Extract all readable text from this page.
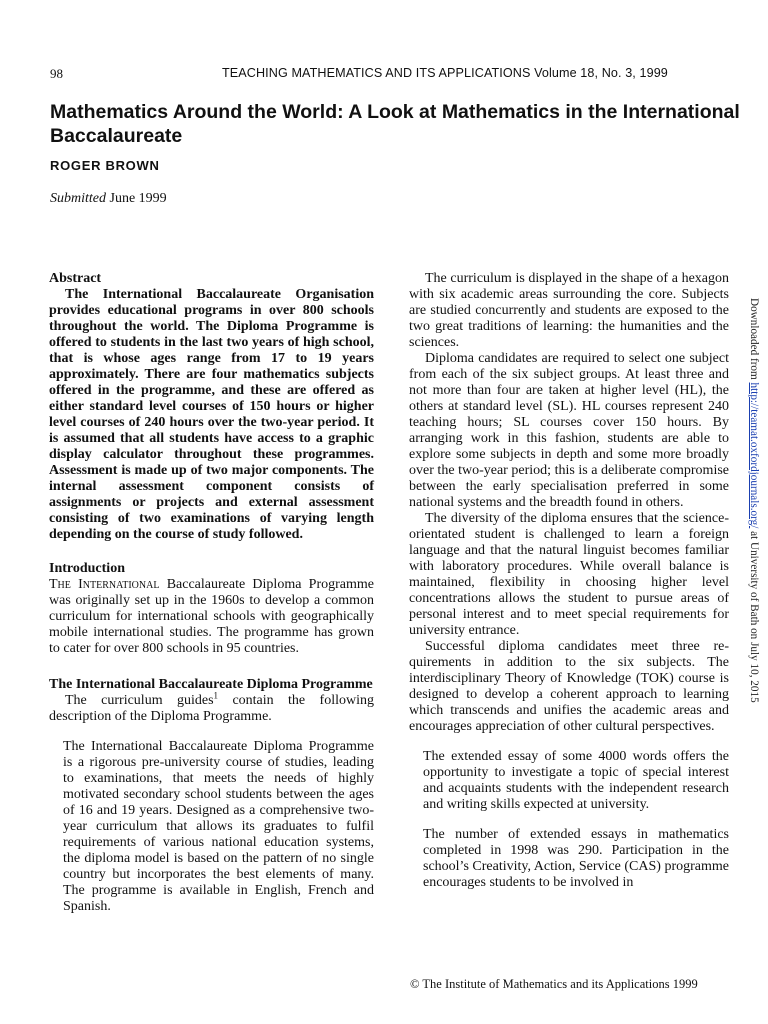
98	TEACHING MATHEMATICS AND ITS APPLICATIONS Volume 18, No. 3, 1999
Mathematics Around the World: A Look at Mathematics in the International Baccalaureate
ROGER BROWN
Submitted June 1999

Abstract

The International Baccalaureate Organisation provides educational programs in over 800 schools throughout the world. The Diploma Programme is offered to students in the last two years of high school, that is whose ages range from 17 to 19 years approximately. There are four mathematics subjects offered in the programme, and these are offered as either standard level courses of 150 hours or higher level courses of 240 hours over the two-year period. It is assumed that all students have access to a graphic display calculator throughout these programmes. Assessment is made up of two major components. The internal assessment component consists of assignments or projects and external assessment consisting of two examinations of varying length depending on the course of study followed.

Introduction

The International Baccalaureate Diploma Programme was originally set up in the 1960s to develop a common curriculum for international schools with geographically mobile international studies. The programme has grown to cater for over 800 schools in 95 countries.

The International Baccalaureate Diploma Programme

The curriculum guides$^1$ contain the following description of the Diploma Programme.

The International Baccalaureate Diploma Programme is a rigorous pre-university course of studies, leading to examinations, that meets the needs of highly motivated secondary school students between the ages of 16 and 19 years. Designed as a comprehensive two-year curriculum that allows its graduates to fulfil requirements of various national education systems, the diploma model is based on the pattern of no single country but incorporates the best elements of many. The programme is available in English, French and Spanish.

The curriculum is displayed in the shape of a hexagon with six academic areas surrounding the core. Subjects are studied concurrently and students are exposed to the two great traditions of learning: the humanities and the sciences.

Diploma candidates are required to select one subject from each of the six subject groups. At least three and not more than four are taken at higher level (HL), the others at standard level (SL). HL courses represent 240 teaching hours; SL courses cover 150 hours. By arranging work in this fashion, students are able to explore some subjects in depth and some more broadly over the two-year period; this is a deliberate compromise between the early specialisation preferred in some national systems and the breadth found in others.

The diversity of the diploma ensures that the science-orientated student is challenged to learn a foreign language and that the natural linguist becomes familiar with laboratory procedures. While overall balance is maintained, flexibility in choosing higher level concentrations allows the student to pursue areas of personal interest and to meet special requirements for university entrance.

Successful diploma candidates meet three requirements in addition to the six subjects. The interdisciplinary Theory of Knowledge (TOK) course is designed to develop a coherent approach to learning which transcends and unifies the academic areas and encourages appreciation of other cultural perspectives.

The extended essay of some 4000 words offers the opportunity to investigate a topic of special interest and acquaints students with the independent research and writing skills expected at university.

The number of extended essays in mathematics completed in 1998 was 290. Participation in the school’s Creativity, Action, Service (CAS) programme encourages students to be involved in

Downloaded from http://teamat.oxfordjournals.org/ at University of Bath on July 10, 2015
© The Institute of Mathematics and its Applications 1999
